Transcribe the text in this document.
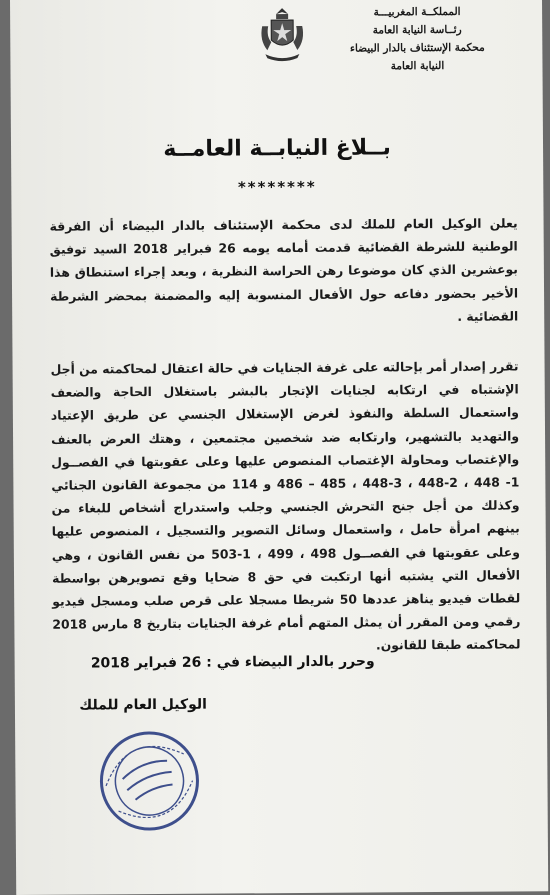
المملكــة المغربيـــة
رئــاسة النيابة العامة
محكمة الإستئناف بالدار البيضاء
النيابة العامة
بــلاغ النيابــة العامــة
********
يعلن الوكيل العام للملك لدى محكمة الإستئناف بالدار البيضاء أن الفرقة الوطنية للشرطة القضائية قدمت أمامه يومه 26 فبراير 2018 السيد توفيق بوعشرين الذي كان موضوعا رهن الحراسة النظرية ، وبعد إجراء استنطاق هذا الأخير بحضور دفاعه حول الأفعال المنسوبة إليه والمضمنة بمحضر الشرطة القضائية .
تقرر إصدار أمر بإحالته على غرفة الجنايات في حالة اعتقال لمحاكمته من أجل الإشتباه في ارتكابه لجنايات الإتجار بالبشر باستغلال الحاجة والضعف واستعمال السلطة والنفوذ لغرض الإستغلال الجنسي عن طريق الإعتياد والتهديد بالتشهير، وارتكابه ضد شخصين مجتمعين ، وهتك العرض بالعنف والإغتصاب ومحاولة الإغتصاب المنصوص عليها وعلى عقوبتها في الفصــول 1- 448 ، 2-448 ، 3-448 ، 485 – 486 و 114 من مجموعة القانون الجنائي وكذلك من أجل جنح التحرش الجنسي وجلب واستدراج أشخاص للبغاء من بينهم امرأة حامل ، واستعمال وسائل التصوير والتسجيل ، المنصوص عليها وعلى عقوبتها في الفصــول 498 ، 499 ، 1-503 من نفس القانون ، وهي الأفعال التي يشتبه أنها ارتكبت في حق 8 ضحايا وقع تصويرهن بواسطة لقطات فيديو يناهز عددها 50 شريطا مسجلا على قرص صلب ومسجل فيديو رقمي ومن المقرر أن يمثل المتهم أمام غرفة الجنايات بتاريخ 8 مارس 2018 لمحاكمته طبقا للقانون.
وحرر بالدار البيضاء في : 26 فبراير 2018
الوكيل العام للملك
